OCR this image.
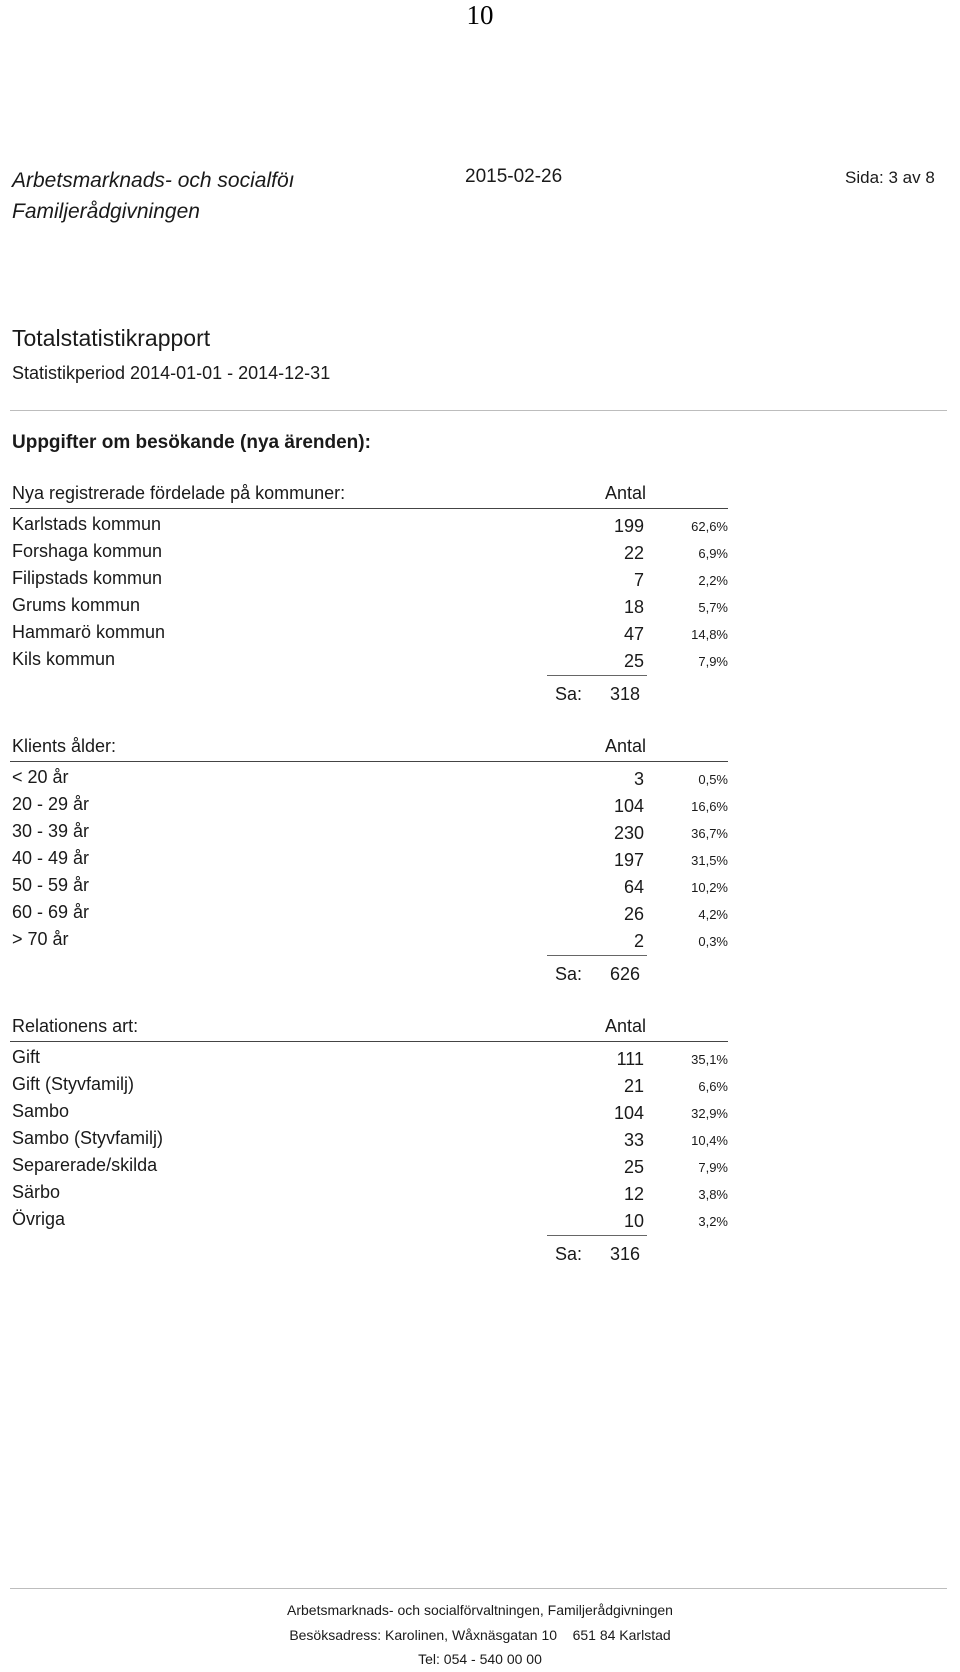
10
Arbetsmarknads- och socialföı
Familjerådgivningen
2015-02-26	Sida: 3 av 8
Totalstatistikrapport
Statistikperiod 2014-01-01 - 2014-12-31
Uppgifter om besökande (nya ärenden):
Nya registrerade fördelade på kommuner:	Antal
Karlstads kommun	199	62,6%
Forshaga kommun	22	6,9%
Filipstads kommun	7	2,2%
Grums kommun	18	5,7%
Hammarö kommun	47	14,8%
Kils kommun	25	7,9%
Sa: 318
Klients ålder:	Antal
< 20 år	3	0,5%
20 - 29 år	104	16,6%
30 - 39 år	230	36,7%
40 - 49 år	197	31,5%
50 - 59 år	64	10,2%
60 - 69 år	26	4,2%
> 70 år	2	0,3%
Sa: 626
Relationens art:	Antal
Gift	111	35,1%
Gift (Styvfamilj)	21	6,6%
Sambo	104	32,9%
Sambo (Styvfamilj)	33	10,4%
Separerade/skilda	25	7,9%
Särbo	12	3,8%
Övriga	10	3,2%
Sa: 316
Arbetsmarknads- och socialförvaltningen, Familjerådgivningen
Besöksadress: Karolinen, Wåxnäsgatan 10 651 84 Karlstad
Tel: 054 - 540 00 00
